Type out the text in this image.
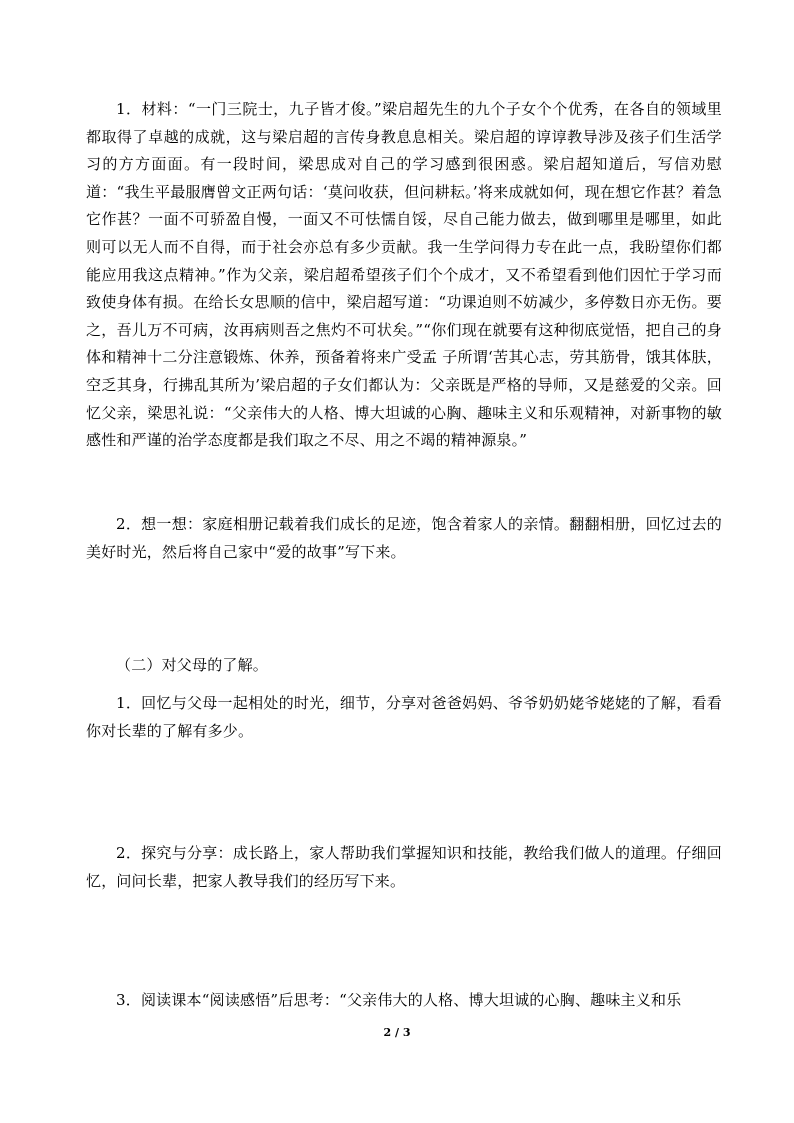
1．材料：“一门三院士，九子皆才俊。”梁启超先生的九个子女个个优秀，在各自的领域里都取得了卓越的成就，这与梁启超的言传身教息息相关。梁启超的谆谆教导涉及孩子们生活学习的方方面面。有一段时间，梁思成对自己的学习感到很困惑。梁启超知道后，写信劝慰道：“我生平最服膺曾文正两句话：‘莫问收获，但问耕耘。’将来成就如何，现在想它作甚？着急它作甚？一面不可骄盈自慢，一面又不可怯懦自馁，尽自己能力做去，做到哪里是哪里，如此则可以无人而不自得，而于社会亦总有多少贡献。我一生学问得力专在此一点，我盼望你们都能应用我这点精神。”作为父亲，梁启超希望孩子们个个成才，又不希望看到他们因忙于学习而致使身体有损。在给长女思顺的信中，梁启超写道：“功课迫则不妨减少，多停数日亦无伤。要之，吾儿万不可病，汝再病则吾之焦灼不可状矣。”“你们现在就要有这种彻底觉悟，把自己的身体和精神十二分注意锻炼、休养，预备着将来广受孟 子所谓‘苦其心志，劳其筋骨，饿其体肤，空乏其身，行拂乱其所为’梁启超的子女们都认为：父亲既是严格的导师，又是慈爱的父亲。回忆父亲，梁思礼说：“父亲伟大的人格、博大坦诚的心胸、趣味主义和乐观精神，对新事物的敏感性和严谨的治学态度都是我们取之不尽、用之不竭的精神源泉。”

2．想一想：家庭相册记载着我们成长的足迹，饱含着家人的亲情。翻翻相册，回忆过去的美好时光，然后将自己家中“爱的故事”写下来。

（二）对父母的了解。

1．回忆与父母一起相处的时光，细节，分享对爸爸妈妈、爷爷奶奶姥爷姥姥的了解，看看你对长辈的了解有多少。

2．探究与分享：成长路上，家人帮助我们掌握知识和技能，教给我们做人的道理。仔细回忆，问问长辈，把家人教导我们的经历写下来。

3．阅读课本“阅读感悟”后思考：“父亲伟大的人格、博大坦诚的心胸、趣味主义和乐

2 / 3
